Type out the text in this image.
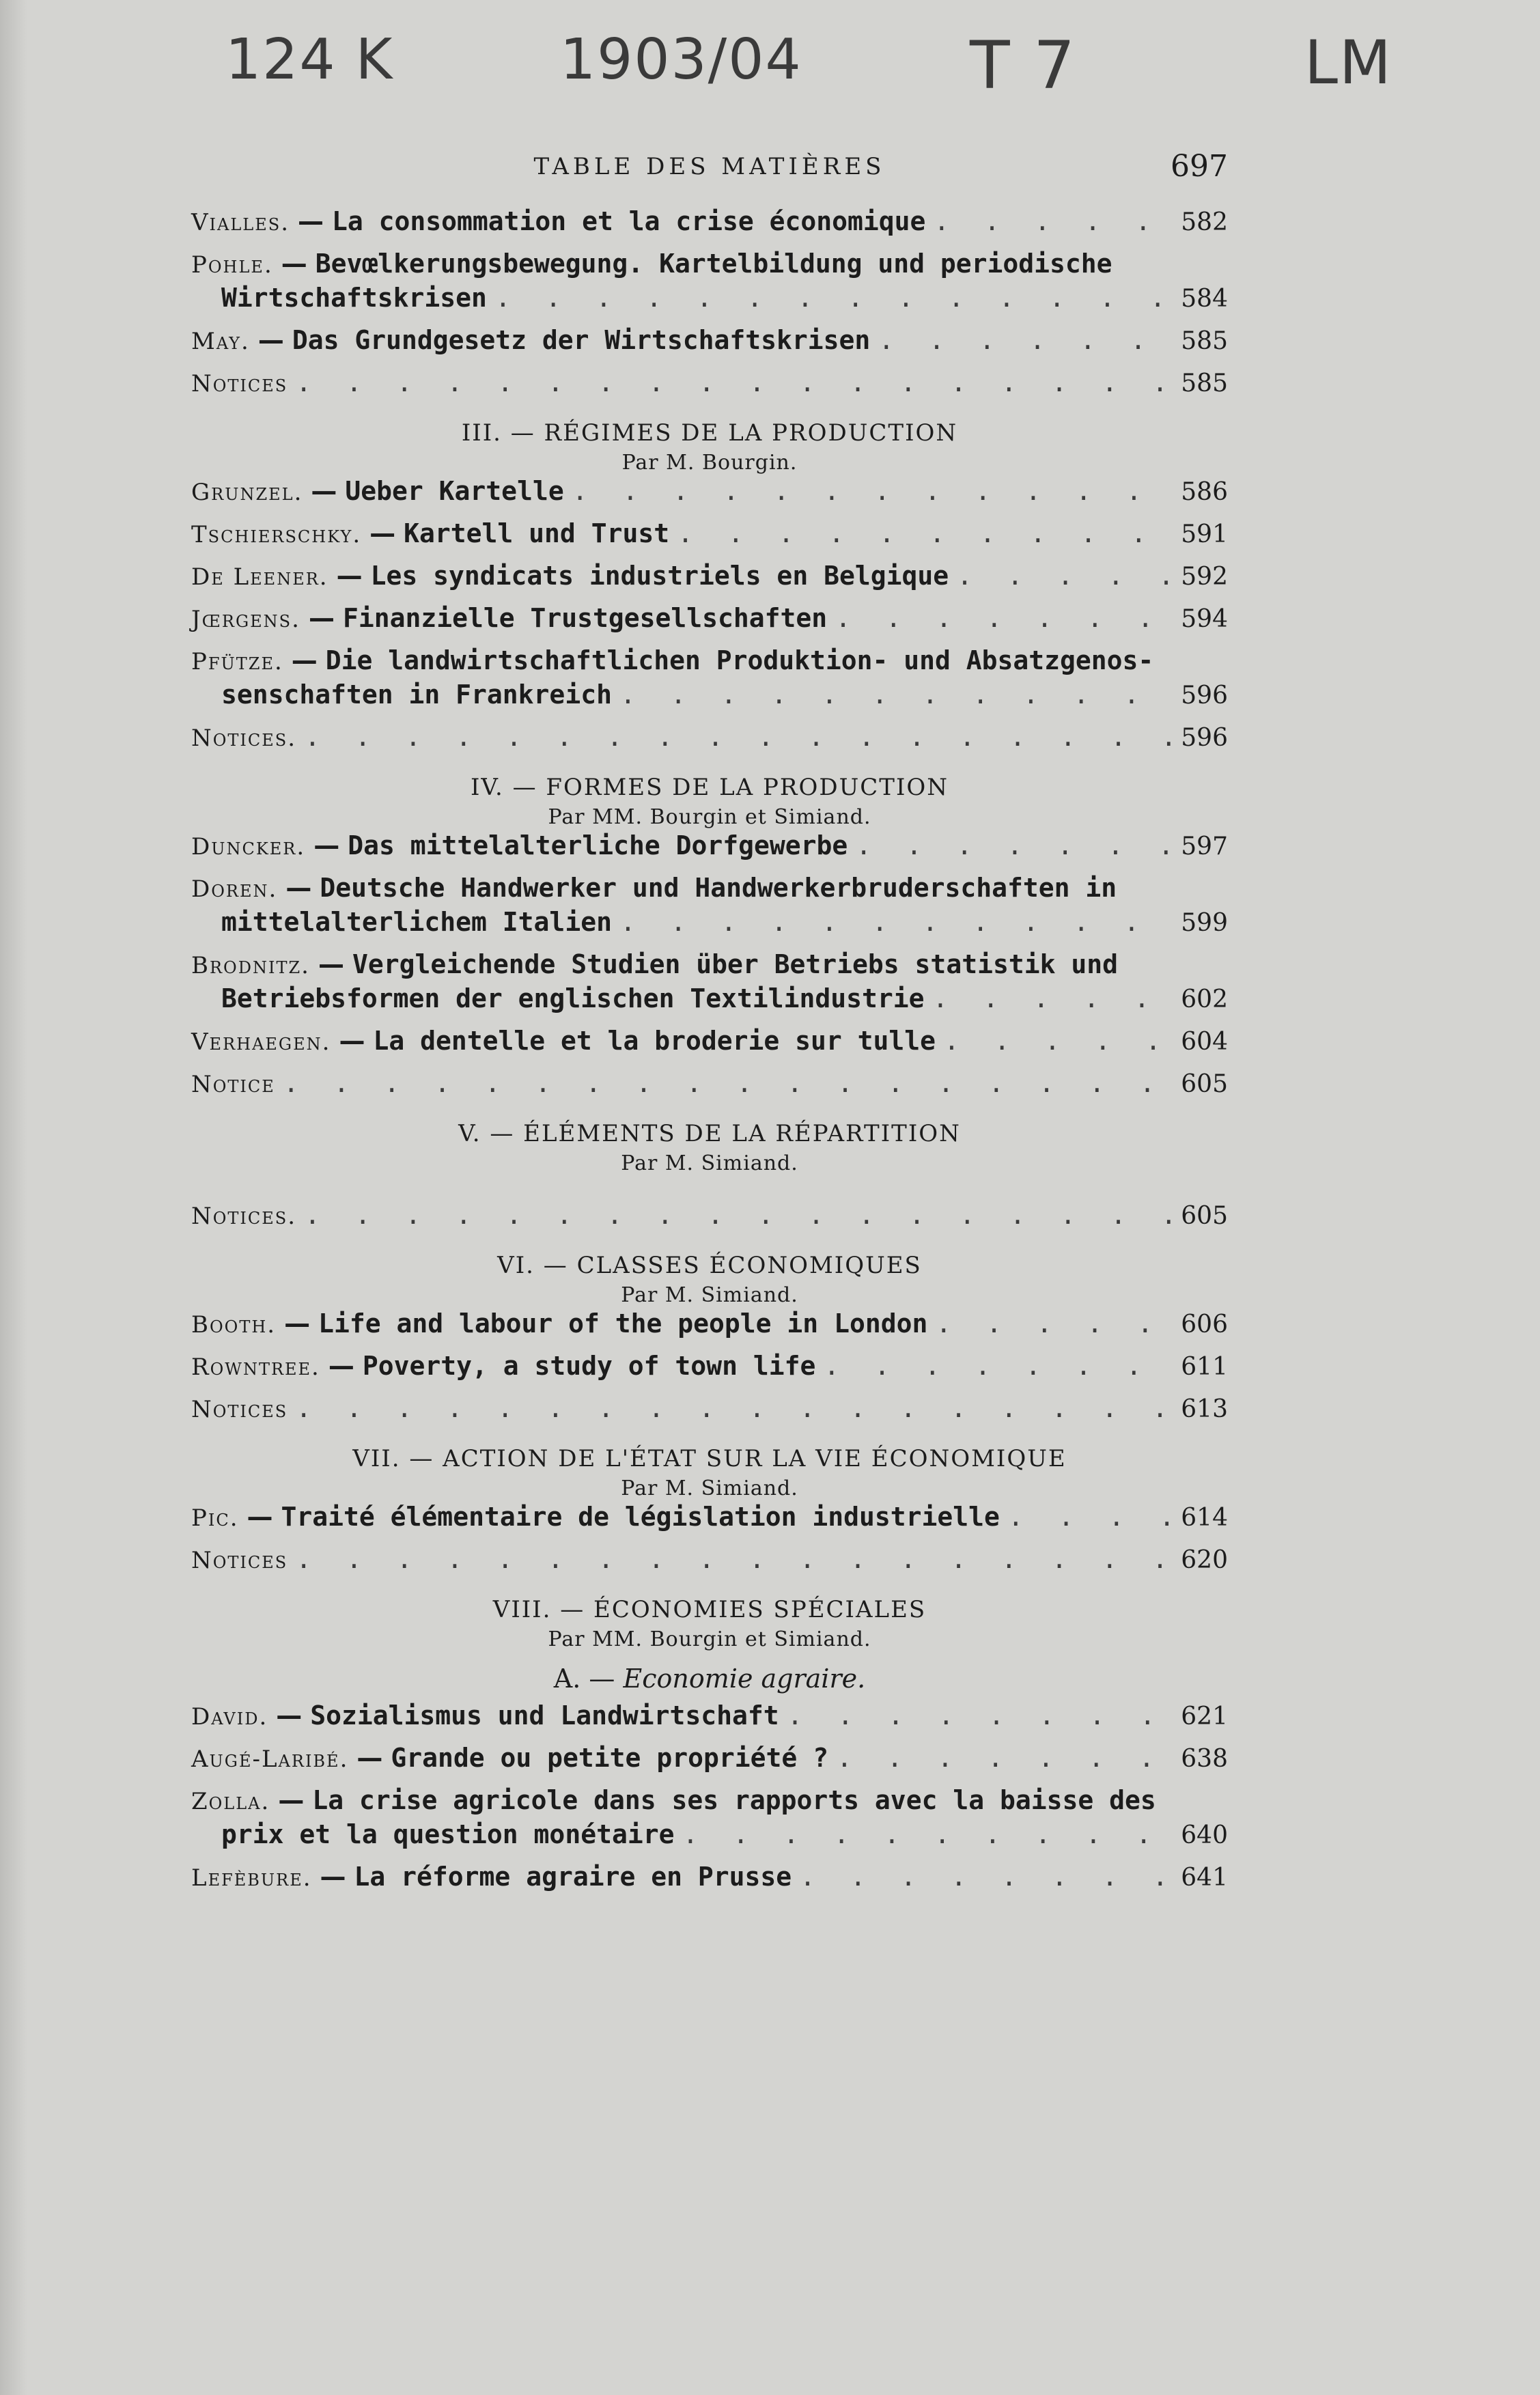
124 K	1903/04	T 7	LM
TABLE DES MATIÈRES	697
Vialles. — La consommation et la crise économique . . .	582
Pohle. — Bevœlkerungsbewegung. Kartelbildung und periodische
Wirtschaftskrisen . . .	584
May. — Das Grundgesetz der Wirtschaftskrisen . . .	585
Notices . . .	585
III. — RÉGIMES DE LA PRODUCTION
Par M. Bourgin.
Grunzel. — Ueber Kartelle . . .	586
Tschierschky. — Kartell und Trust . . .	591
De Leener. — Les syndicats industriels en Belgique . . .	592
Jœrgens. — Finanzielle Trustgesellschaften . . .	594
Pfütze. — Die landwirtschaftlichen Produktion- und Absatzgenos-
senschaften in Frankreich . . .	596
Notices. . . .	596
IV. — FORMES DE LA PRODUCTION
Par MM. Bourgin et Simiand.
Duncker. — Das mittelalterliche Dorfgewerbe . . .	597
Doren. — Deutsche Handwerker und Handwerkerbruderschaften in
mittelalterlichem Italien . . .	599
Brodnitz. — Vergleichende Studien über Betriebs statistik und
Betriebsformen der englischen Textilindustrie . . .	602
Verhaegen. — La dentelle et la broderie sur tulle . . .	604
Notice . . .	605
V. — ÉLÉMENTS DE LA RÉPARTITION
Par M. Simiand.
Notices. . . .	605
VI. — CLASSES ÉCONOMIQUES
Par M. Simiand.
Booth. — Life and labour of the people in London . . .	606
Rowntree. — Poverty, a study of town life . . .	611
Notices . . .	613
VII. — ACTION DE L'ÉTAT SUR LA VIE ÉCONOMIQUE
Par M. Simiand.
Pic. — Traité élémentaire de législation industrielle . . .	614
Notices . . .	620
VIII. — ÉCONOMIES SPÉCIALES
Par MM. Bourgin et Simiand.
A. — Economie agraire.
David. — Sozialismus und Landwirtschaft . . .	621
Augé-Laribé. — Grande ou petite propriété ? . . .	638
Zolla. — La crise agricole dans ses rapports avec la baisse des
prix et la question monétaire . . .	640
Lefèbure. — La réforme agraire en Prusse . . .	641
